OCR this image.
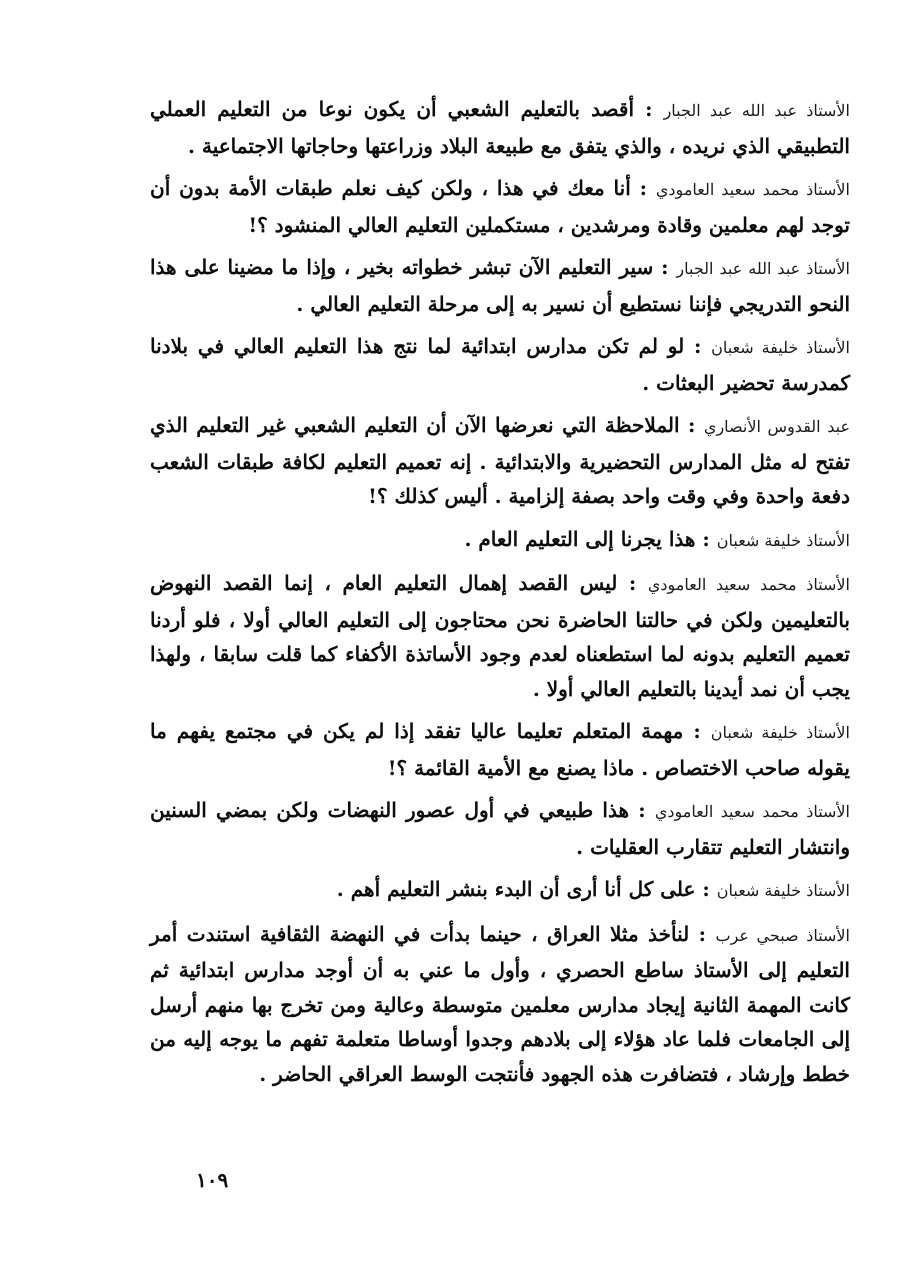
الأستاذ عبد الله عبد الجبار : أقصد بالتعليم الشعبي أن يكون نوعا من التعليم العملي التطبيقي الذي نريده ، والذي يتفق مع طبيعة البلاد وزراعتها وحاجاتها الاجتماعية .

الأستاذ محمد سعيد العامودي : أنا معك في هذا ، ولكن كيف نعلم طبقات الأمة بدون أن توجد لهم معلمين وقادة ومرشدين ، مستكملين التعليم العالي المنشود ؟!

الأستاذ عبد الله عبد الجبار : سير التعليم الآن تبشر خطواته بخير ، وإذا ما مضينا على هذا النحو التدريجي فإننا نستطيع أن نسير به إلى مرحلة التعليم العالي .

الأستاذ خليفة شعبان : لو لم تكن مدارس ابتدائية لما نتج هذا التعليم العالي في بلادنا كمدرسة تحضير البعثات .

عبد القدوس الأنصاري : الملاحظة التي نعرضها الآن أن التعليم الشعبي غير التعليم الذي تفتح له مثل المدارس التحضيرية والابتدائية . إنه تعميم التعليم لكافة طبقات الشعب دفعة واحدة وفي وقت واحد بصفة إلزامية . أليس كذلك ؟!

الأستاذ خليفة شعبان : هذا يجرنا إلى التعليم العام .

الأستاذ محمد سعيد العامودي : ليس القصد إهمال التعليم العام ، إنما القصد النهوض بالتعليمين ولكن في حالتنا الحاضرة نحن محتاجون إلى التعليم العالي أولا ، فلو أردنا تعميم التعليم بدونه لما استطعناه لعدم وجود الأساتذة الأكفاء كما قلت سابقا ، ولهذا يجب أن نمد أيدينا بالتعليم العالي أولا .

الأستاذ خليفة شعبان : مهمة المتعلم تعليما عاليا تفقد إذا لم يكن في مجتمع يفهم ما يقوله صاحب الاختصاص . ماذا يصنع مع الأمية القائمة ؟!

الأستاذ محمد سعيد العامودي : هذا طبيعي في أول عصور النهضات ولكن بمضي السنين وانتشار التعليم تتقارب العقليات .

الأستاذ خليفة شعبان : على كل أنا أرى أن البدء بنشر التعليم أهم .

الأستاذ صبحي عرب : لنأخذ مثلا العراق ، حينما بدأت في النهضة الثقافية استندت أمر التعليم إلى الأستاذ ساطع الحصري ، وأول ما عني به أن أوجد مدارس ابتدائية ثم كانت المهمة الثانية إيجاد مدارس معلمين متوسطة وعالية ومن تخرج بها منهم أرسل إلى الجامعات فلما عاد هؤلاء إلى بلادهم وجدوا أوساطا متعلمة تفهم ما يوجه إليه من خطط وإرشاد ، فتضافرت هذه الجهود فأنتجت الوسط العراقي الحاضر .

١٠٩
